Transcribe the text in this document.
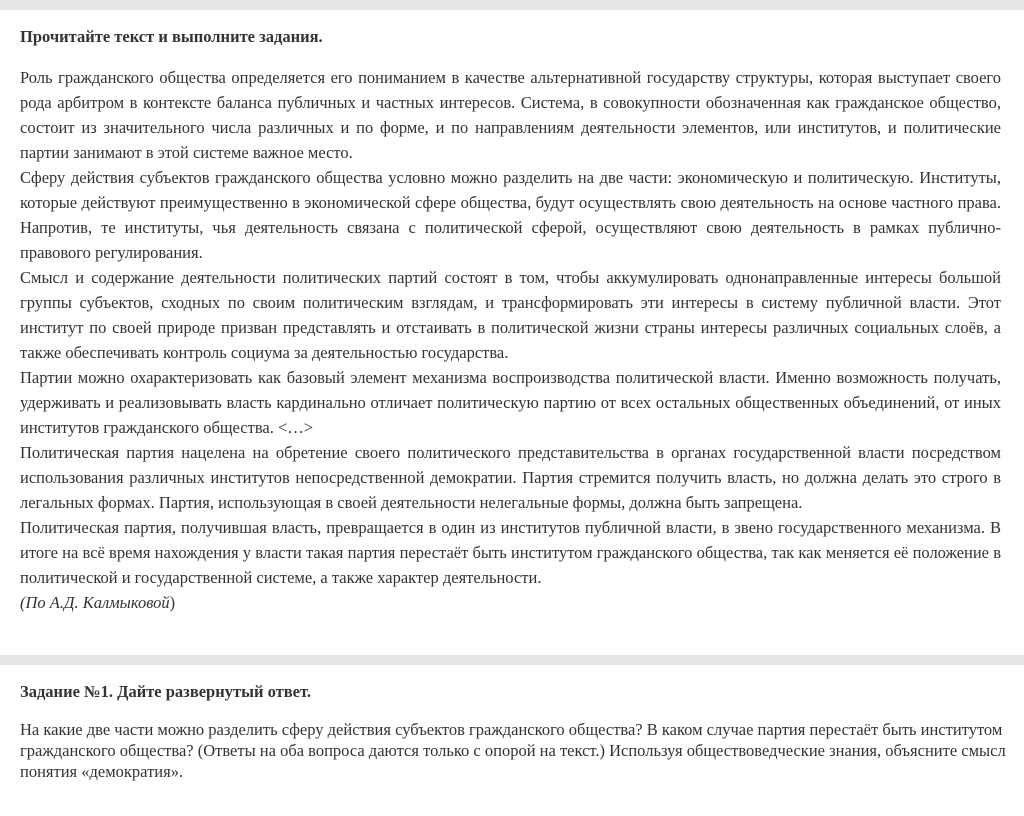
Прочитайте текст и выполните задания.

Роль гражданского общества определяется его пониманием в качестве альтернативной государству структуры, которая выступает своего рода арбитром в контексте баланса публичных и частных интересов. Система, в совокупности обозначенная как гражданское общество, состоит из значительного числа различных и по форме, и по направлениям деятельности элементов, или институтов, и политические партии занимают в этой системе важное место.

Сферу действия субъектов гражданского общества условно можно разделить на две части: экономическую и политическую. Институты, которые действуют преимущественно в экономической сфере общества, будут осуществлять свою деятельность на основе частного права. Напротив, те институты, чья деятельность связана с политической сферой, осуществляют свою деятельность в рамках публично-правового регулирования.

Смысл и содержание деятельности политических партий состоят в том, чтобы аккумулировать однонаправленные интересы большой группы субъектов, сходных по своим политическим взглядам, и трансформировать эти интересы в систему публичной власти. Этот институт по своей природе призван представлять и отстаивать в политической жизни страны интересы различных социальных слоёв, а также обеспечивать контроль социума за деятельностью государства.

Партии можно охарактеризовать как базовый элемент механизма воспроизводства политической власти. Именно возможность получать, удерживать и реализовывать власть кардинально отличает политическую партию от всех остальных общественных объединений, от иных институтов гражданского общества. <…>

Политическая партия нацелена на обретение своего политического представительства в органах государственной власти посредством использования различных институтов непосредственной демократии. Партия стремится получить власть, но должна делать это строго в легальных формах. Партия, использующая в своей деятельности нелегальные формы, должна быть запрещена.

Политическая партия, получившая власть, превращается в один из институтов публичной власти, в звено государственного механизма. В итоге на всё время нахождения у власти такая партия перестаёт быть институтом гражданского общества, так как меняется её положение в политической и государственной системе, а также характер деятельности.

(По А.Д. Калмыковой)

Задание №1. Дайте развернутый ответ.

На какие две части можно разделить сферу действия субъектов гражданского общества? В каком случае партия перестаёт быть институтом гражданского общества? (Ответы на оба вопроса даются только с опорой на текст.) Используя обществоведческие знания, объясните смысл понятия «демократия».
